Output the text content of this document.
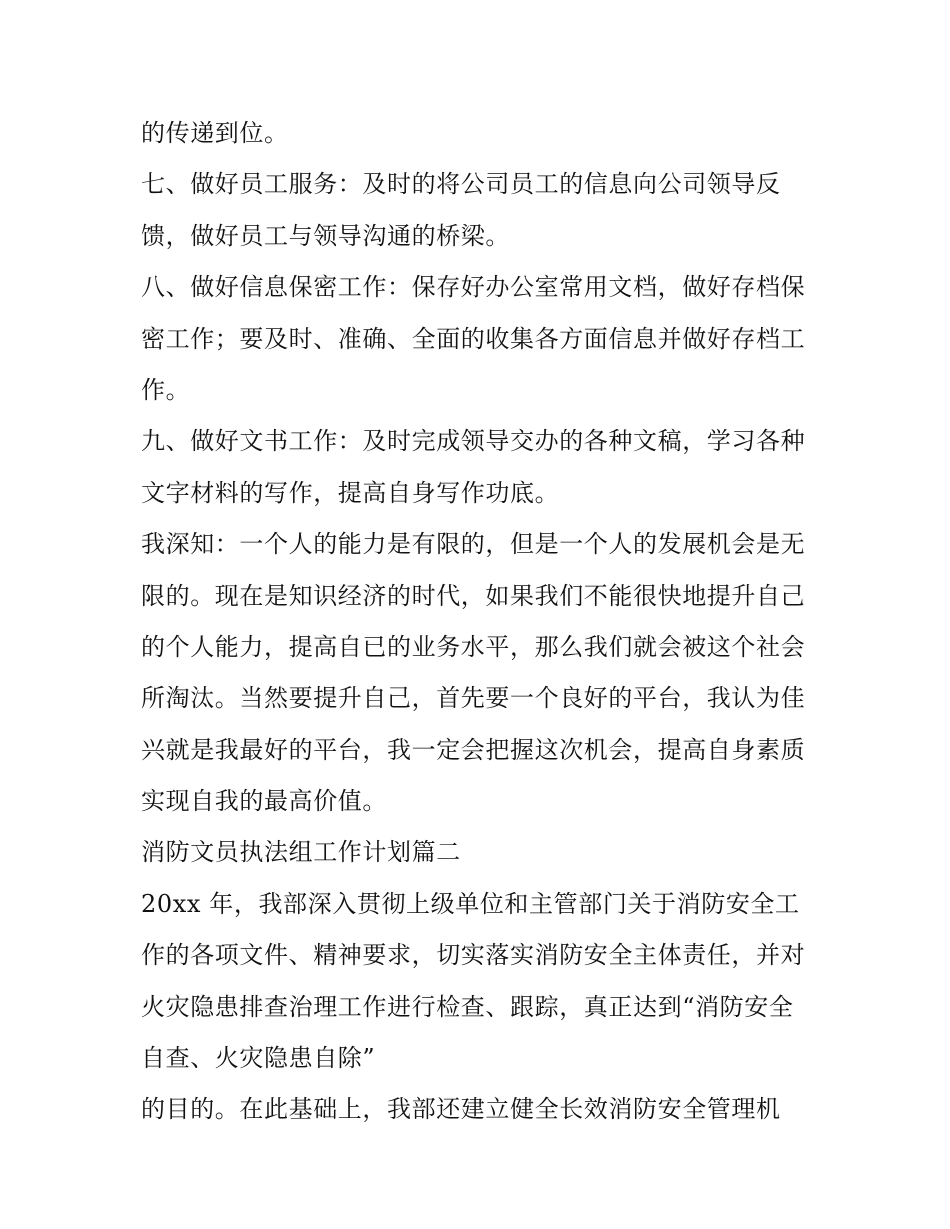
的传递到位。
七、做好员工服务：及时的将公司员工的信息向公司领导反
馈，做好员工与领导沟通的桥梁。
八、做好信息保密工作：保存好办公室常用文档，做好存档保
密工作；要及时、准确、全面的收集各方面信息并做好存档工
作。
九、做好文书工作：及时完成领导交办的各种文稿，学习各种
文字材料的写作，提高自身写作功底。
我深知：一个人的能力是有限的，但是一个人的发展机会是无
限的。现在是知识经济的时代，如果我们不能很快地提升自己
的个人能力，提高自已的业务水平，那么我们就会被这个社会
所淘汰。当然要提升自己，首先要一个良好的平台，我认为佳
兴就是我最好的平台，我一定会把握这次机会，提高自身素质
实现自我的最高价值。
消防文员执法组工作计划篇二
20xx 年，我部深入贯彻上级单位和主管部门关于消防安全工
作的各项文件、精神要求，切实落实消防安全主体责任，并对
火灾隐患排查治理工作进行检查、跟踪，真正达到“消防安全
自查、火灾隐患自除”
的目的。在此基础上，我部还建立健全长效消防安全管理机
